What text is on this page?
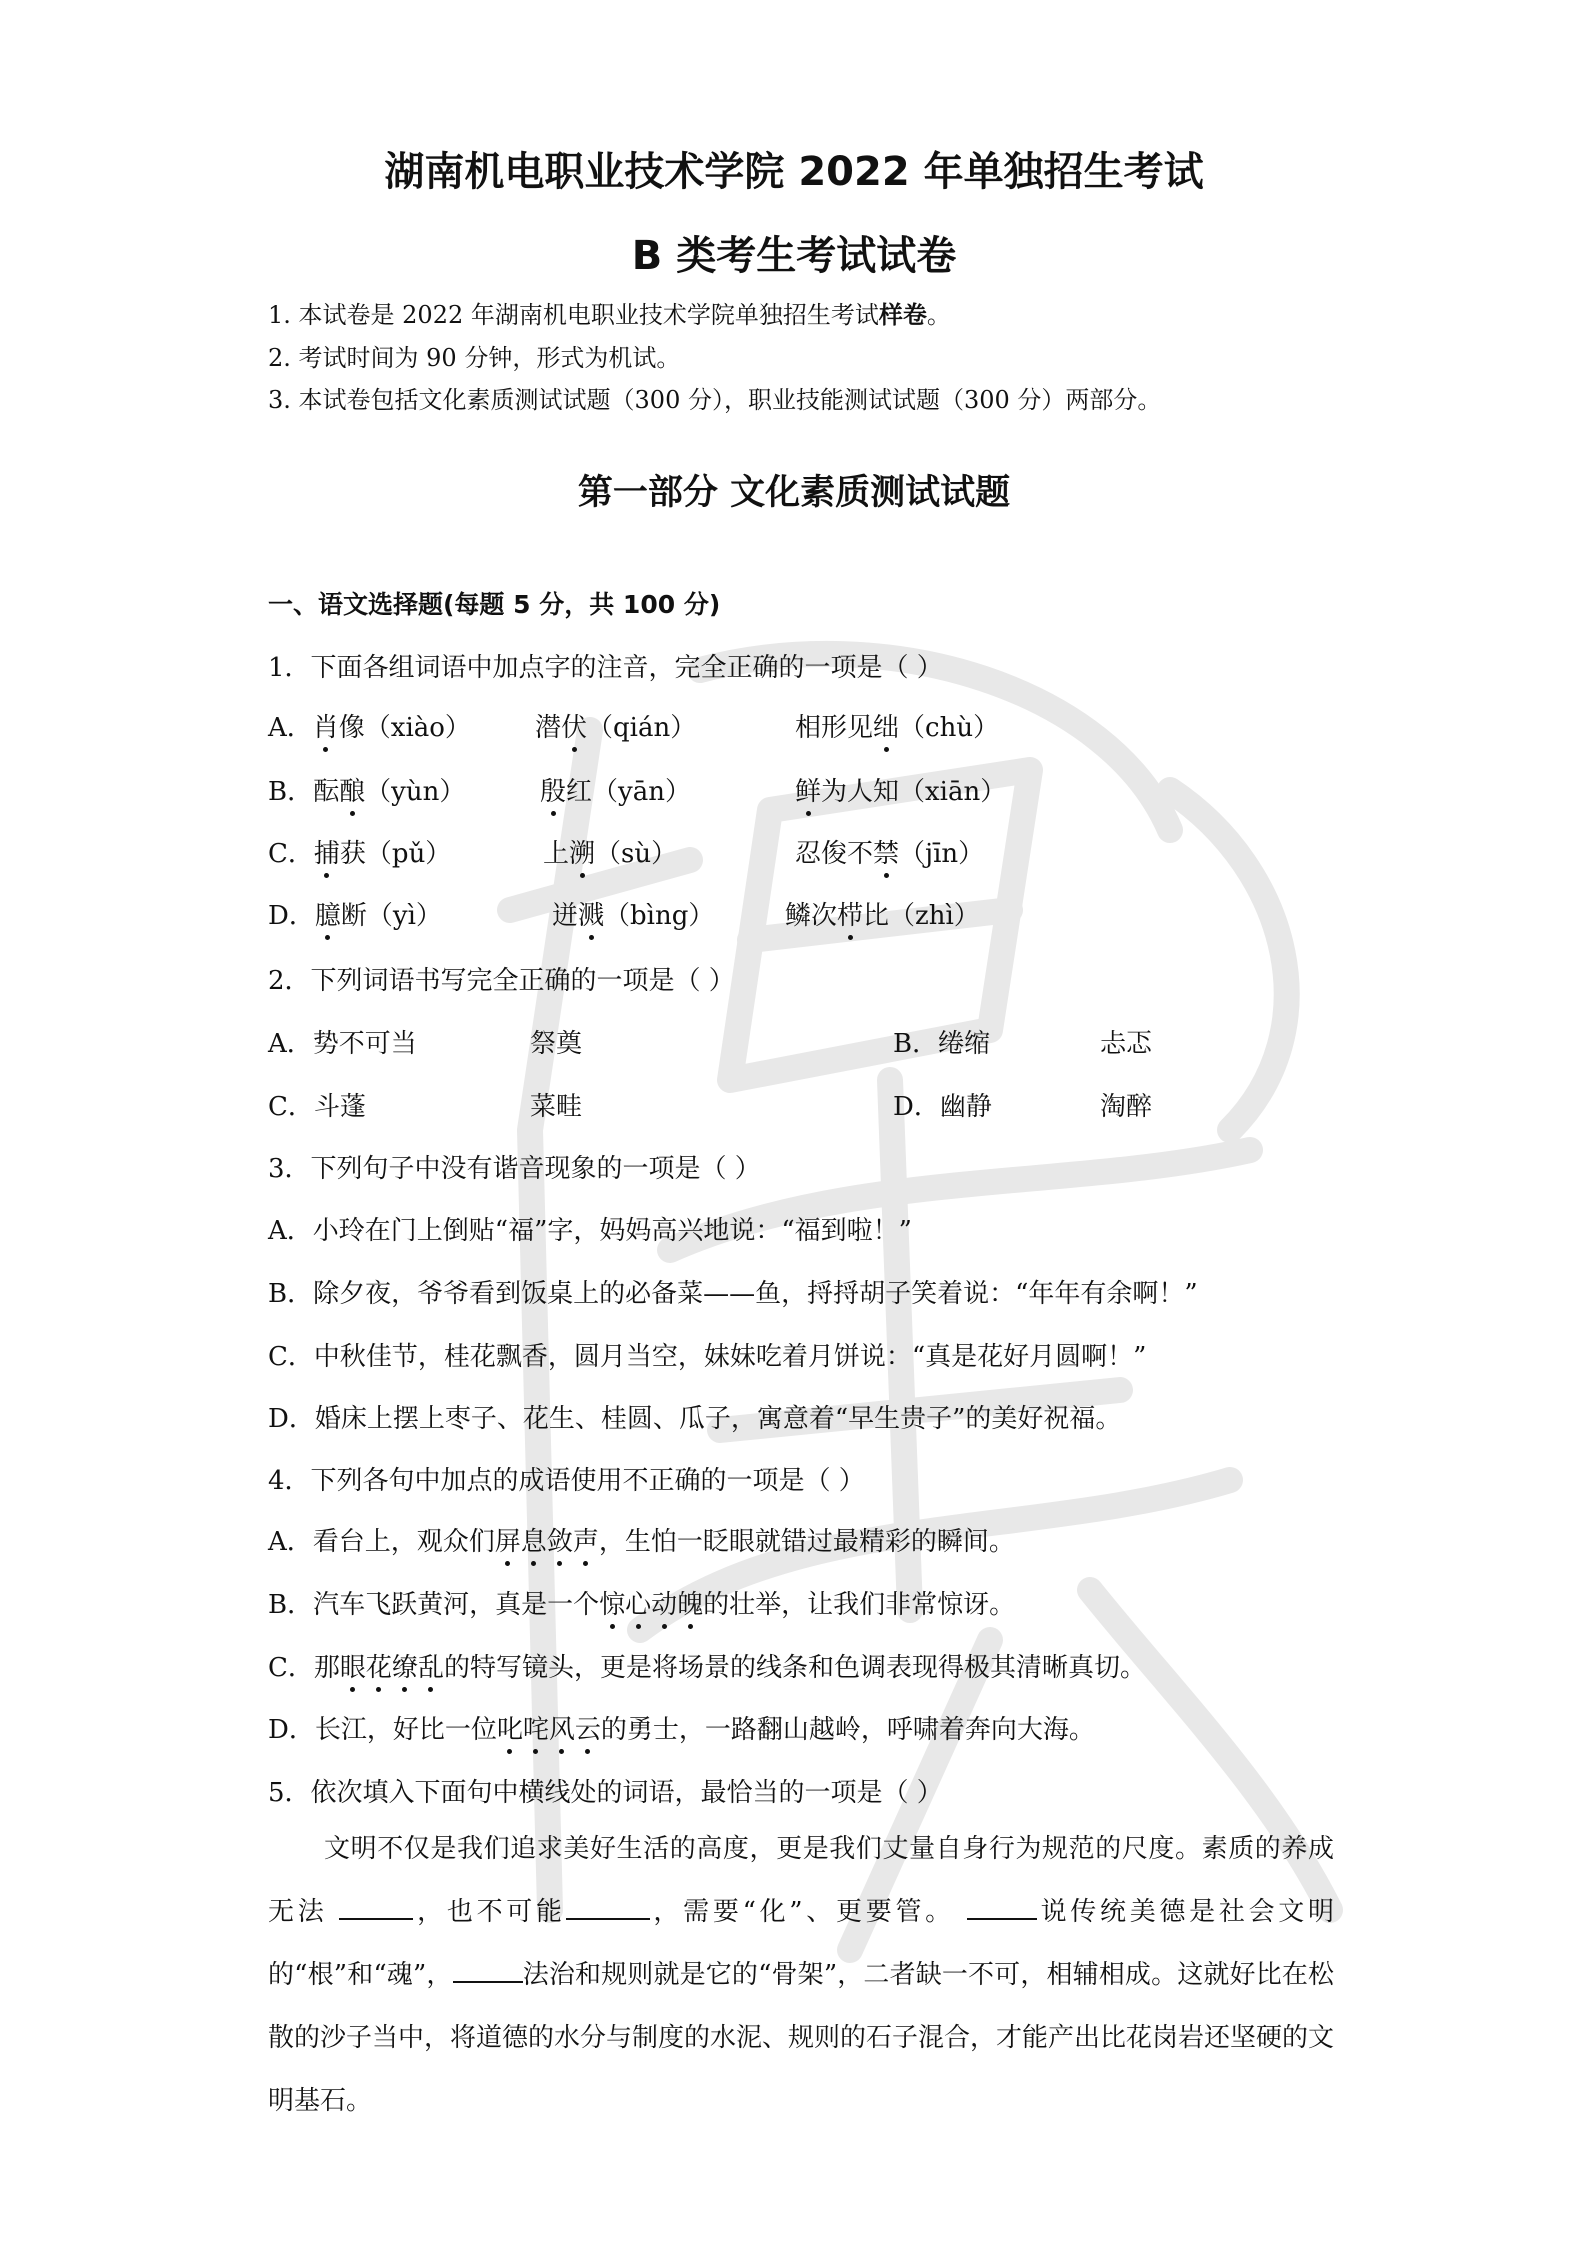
湖南机电职业技术学院 2022 年单独招生考试
B 类考生考试试卷
1. 本试卷是 2022 年湖南机电职业技术学院单独招生考试样卷。
2. 考试时间为 90 分钟，形式为机试。
3. 本试卷包括文化素质测试试题（300 分），职业技能测试试题（300 分）两部分。
第一部分 文化素质测试试题
一、语文选择题(每题 5 分，共 100 分)
1．下面各组词语中加点字的注音，完全正确的一项是（ ）
A．肖像（xiào） 潜伏（qián）	相形见绌（chù）
B．酝酿（yùn）	殷红（yān）	鲜为人知（xiān）
C．捕获（pǔ）	上溯（sù）	忍俊不禁（jīn）
D．臆断（yì）	迸溅（bìng）	鳞次栉比（zhì）
2．下列词语书写完全正确的一项是（ ）
A．势不可当	祭奠	B．绻缩	忐忑
C．斗蓬	菜畦	D．幽静	淘醉
3．下列句子中没有谐音现象的一项是（ ）
A．小玲在门上倒贴“福”字，妈妈高兴地说：“福到啦！”
B．除夕夜，爷爷看到饭桌上的必备菜——鱼，捋捋胡子笑着说：“年年有余啊！”
C．中秋佳节，桂花飘香，圆月当空，妹妹吃着月饼说：“真是花好月圆啊！”
D．婚床上摆上枣子、花生、桂圆、瓜子，寓意着“早生贵子”的美好祝福。
4．下列各句中加点的成语使用不正确的一项是（ ）
A．看台上，观众们屏息敛声，生怕一眨眼就错过最精彩的瞬间。
B．汽车飞跃黄河，真是一个惊心动魄的壮举，让我们非常惊讶。
C．那眼花缭乱的特写镜头，更是将场景的线条和色调表现得极其清晰真切。
D．长江，好比一位叱咤风云的勇士，一路翻山越岭，呼啸着奔向大海。
5．依次填入下面句中横线处的词语，最恰当的一项是（ ）
文明不仅是我们追求美好生活的高度，更是我们丈量自身行为规范的尺度。素质的养成无法	，也不可能	，需要“化”、更要管。	说传统美德是社会文明的“根”和“魂”，	法治和规则就是它的“骨架”，二者缺一不可，相辅相成。这就好比在松散的沙子当中，将道德的水分与制度的水泥、规则的石子混合，才能产出比花岗岩还坚硬的文明基石。
